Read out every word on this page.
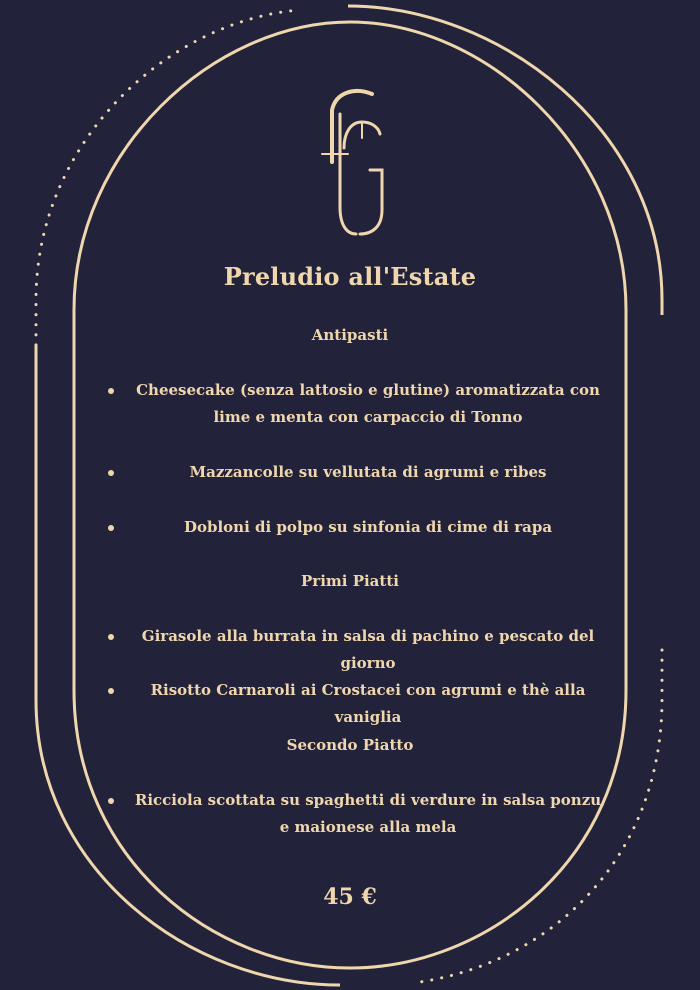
Preludio all'Estate
Antipasti
Cheesecake (senza lattosio e glutine) aromatizzata con lime e menta con carpaccio di Tonno
Mazzancolle su vellutata di agrumi e ribes
Dobloni di polpo su sinfonia di cime di rapa
Primi Piatti
Girasole alla burrata in salsa di pachino e pescato del giorno
Risotto Carnaroli ai Crostacei con agrumi e thè alla vaniglia
Secondo Piatto
Ricciola scottata su spaghetti di verdure in salsa ponzu e maionese alla mela
45 €
